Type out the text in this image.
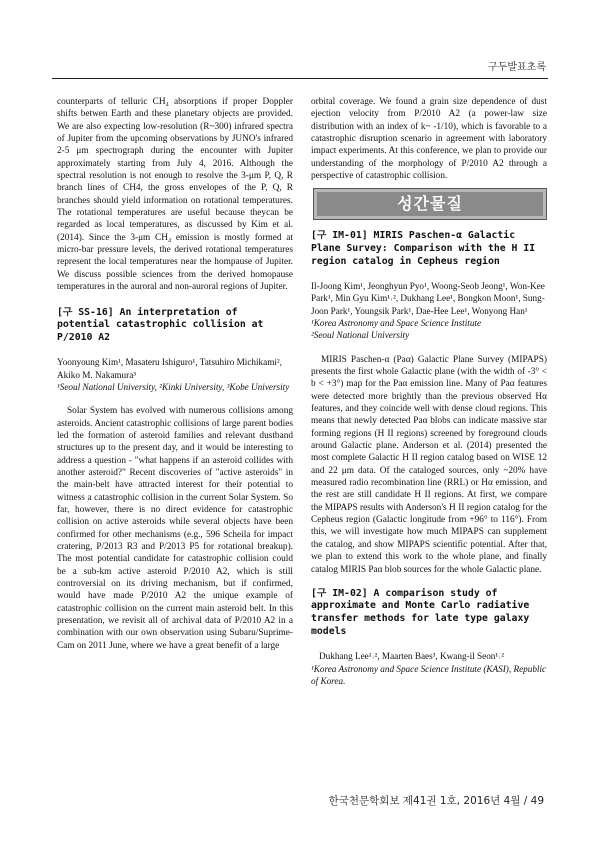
구두발표초록

counterparts of telluric CH₄ absorptions if proper Doppler shifts betwen Earth and these planetary objects are provided. We are also expecting low-resolution (R~300) infrared spectra of Jupiter from the upcoming observations by JUNO's infrared 2-5 μm spectrograph during the encounter with Jupiter approximately starting from July 4, 2016. Although the spectral resolution is not enough to resolve the 3-μm P, Q, R branch lines of CH4, the gross envelopes of the P, Q, R branches should yield information on rotational temperatures. The rotational temperatures are useful because theycan be regarded as local temperatures, as discussed by Kim et al. (2014). Since the 3-μm CH₄ emission is mostly formed at micro-bar pressure levels, the derived rotational temperatures represent the local temperatures near the hompause of Jupiter. We discuss possible sciences from the derived homopause temperatures in the auroral and non-auroral regions of Jupiter.

[구 SS-16] An interpretation of potential catastrophic collision at P/2010 A2

Yoonyoung Kim¹, Masateru Ishiguro¹, Tatsuhiro Michikami², Akiko M. Nakamura³

¹Seoul National University, ²Kinki University, ³Kobe University

Solar System has evolved with numerous collisions among asteroids. Ancient catastrophic collisions of large parent bodies led the formation of asteroid families and relevant dustband structures up to the present day, and it would be interesting to address a question - "what happens if an asteroid collides with another asteroid?" Recent discoveries of "active asteroids" in the main-belt have attracted interest for their potential to witness a catastrophic collision in the current Solar System. So far, however, there is no direct evidence for catastrophic collision on active asteroids while several objects have been confirmed for other mechanisms (e.g., 596 Scheila for impact cratering, P/2013 R3 and P/2013 P5 for rotational breakup). The most potential candidate for catastrophic collision could be a sub-km active asteroid P/2010 A2, which is still controversial on its driving mechanism, but if confirmed, would have made P/2010 A2 the unique example of catastrophic collision on the current main asteroid belt. In this presentation, we revisit all of archival data of P/2010 A2 in a combination with our own observation using Subaru/Suprime-Cam on 2011 June, where we have a great benefit of a large

orbital coverage. We found a grain size dependence of dust ejection velocity from P/2010 A2 (a power-law size distribution with an index of k~ -1/10), which is favorable to a catastrophic disruption scenario in agreement with laboratory impact experiments. At this conference, we plan to provide our understanding of the morphology of P/2010 A2 through a perspective of catastrophic collision.

성간물질

[구 IM-01] MIRIS Paschen-α Galactic Plane Survey: Comparison with the H II region catalog in Cepheus region

Il-Joong Kim¹, Jeonghyun Pyo¹, Woong-Seob Jeong¹, Won-Kee Park¹, Min Gyu Kim¹˒², Dukhang Lee¹, Bongkon Moon¹, Sung-Joon Park¹, Youngsik Park¹, Dae-Hee Lee¹, Wonyong Han¹

¹Korea Astronomy and Space Science Institute

²Seoul National University

MIRIS Paschen-α (Paα) Galactic Plane Survey (MIPAPS) presents the first whole Galactic plane (with the width of -3° < b < +3°) map for the Paα emission line. Many of Paα features were detected more brightly than the previous observed Hα features, and they coincide well with dense cloud regions. This means that newly detected Paα blobs can indicate massive star forming regions (H II regions) screened by foreground clouds around Galactic plane. Anderson et al. (2014) presented the most complete Galactic H II region catalog based on WISE 12 and 22 μm data. Of the cataloged sources, only ~20% have measured radio recombination line (RRL) or Hα emission, and the rest are still candidate H II regions. At first, we compare the MIPAPS results with Anderson's H II region catalog for the Cepheus region (Galactic longitude from +96° to 116°). From this, we will investigate how much MIPAPS can supplement the catalog, and show MIPAPS scientific potential. After that, we plan to extend this work to the whole plane, and finally catalog MIRIS Paα blob sources for the whole Galactic plane.

[구 IM-02] A comparison study of approximate and Monte Carlo radiative transfer methods for late type galaxy models

Dukhang Lee¹˒², Maarten Baes³, Kwang-il Seon¹˒²

¹Korea Astronomy and Space Science Institute (KASI), Republic of Korea.

한국천문학회보 제41권 1호, 2016년 4월 / 49
